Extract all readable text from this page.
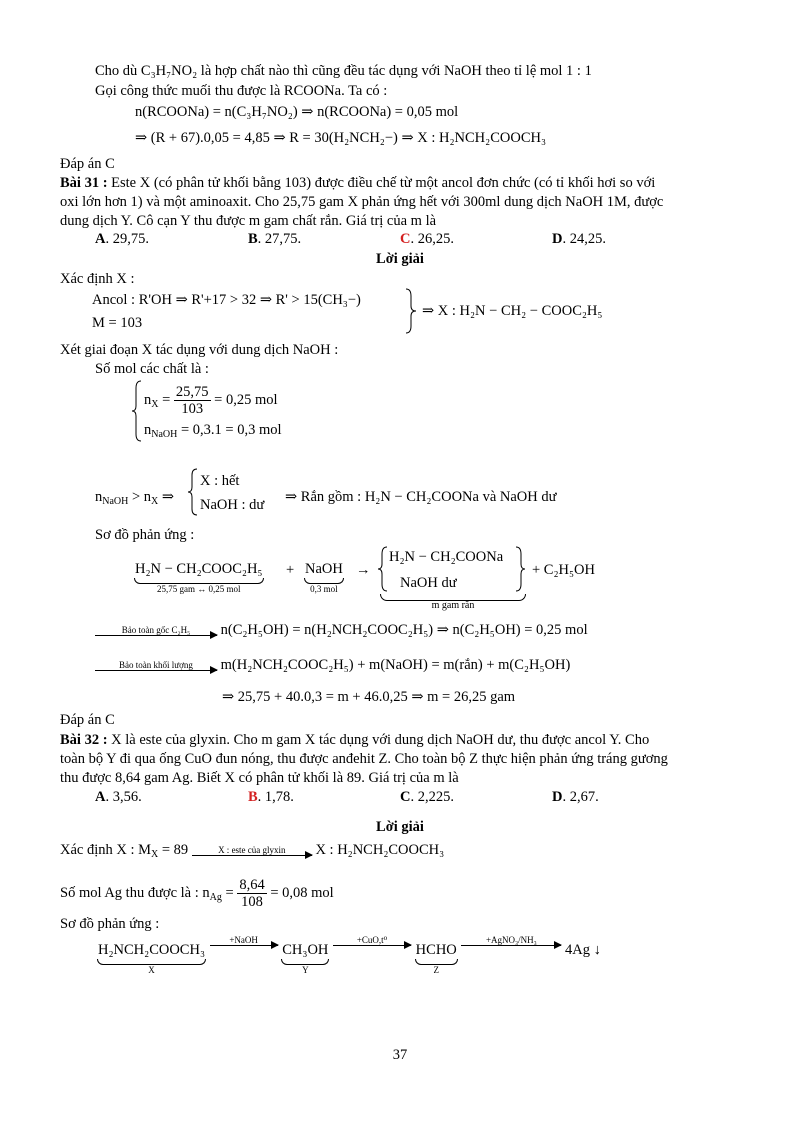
Cho dù C₃H₇NO₂ là hợp chất nào thì cũng đều tác dụng với NaOH theo tỉ lệ mol 1 : 1
Gọi công thức muối thu được là RCOONa. Ta có :
n(RCOONa) = n(C₃H₇NO₂) ⇒ n(RCOONa) = 0,05 mol
⇒ (R + 67).0,05 = 4,85 ⇒ R = 30(H₂NCH₂−) ⇒ X : H₂NCH₂COOCH₃
Đáp án C
Bài 31 : Este X (có phân tử khối bằng 103) được điều chế từ một ancol đơn chức (có tỉ khối hơi so với
oxi lớn hơn 1) và một aminoaxit. Cho 25,75 gam X phản ứng hết với 300ml dung dịch NaOH 1M, được
dung dịch Y. Cô cạn Y thu được m gam chất rắn. Giá trị của m là
A. 29,75.	B. 27,75.	C. 26,25.	D. 24,25.
Lời giải
Xác định X :
Ancol : R'OH ⇒ R'+17 > 32 ⇒ R' > 15(CH₃−)
M = 103
⇒ X : H₂N − CH₂ − COOC₂H₅
Xét giai đoạn X tác dụng với dung dịch NaOH :
Số mol các chất là :
$n_X = \frac{25,75}{103} = 0,25$ mol
$n_{NaOH} = 0,3.1 = 0,3$ mol
$n_{NaOH} > n_X$ ⇒
X : hết
NaOH : dư ⇒ Rắn gồm : H₂N − CH₂COONa và NaOH dư
Sơ đồ phản ứng :
H₂N − CH₂COOC₂H₅
25,75 gam ↔ 0,25 mol
+ NaOH
0,3 mol
→
H₂N − CH₂COONa
NaOH dư
m gam rắn
+ C₂H₅OH
Bảo toàn gốc C₂H₅	n(C₂H₅OH) = n(H₂NCH₂COOC₂H₅) ⇒ n(C₂H₅OH) = 0,25 mol
Bảo toàn khối lượng	m(H₂NCH₂COOC₂H₅) + m(NaOH) = m(rắn) + m(C₂H₅OH)
⇒ 25,75 + 40.0,3 = m + 46.0,25 ⇒ m = 26,25 gam
Đáp án C
Bài 32 : X là este của glyxin. Cho m gam X tác dụng với dung dịch NaOH dư, thu được ancol Y. Cho
toàn bộ Y đi qua ống CuO đun nóng, thu được anđehit Z. Cho toàn bộ Z thực hiện phản ứng tráng gương
thu được 8,64 gam Ag. Biết X có phân tử khối là 89. Giá trị của m là
A. 3,56.	B. 1,78.	C. 2,225.	D. 2,67.
Lời giải
Xác định X : $M_X = 89$	X : este của glyxin	X : H₂NCH₂COOCH₃
Số mol Ag thu được là : $n_{Ag} = \frac{8,64}{108} = 0,08$ mol
Sơ đồ phản ứng :
H₂NCH₂COOCH₃
X

+NaOH

CH₃OH
Y

+CuO,t⁰

HCHO
Z

+AgNO₃/NH₃
4Ag ↓
37
